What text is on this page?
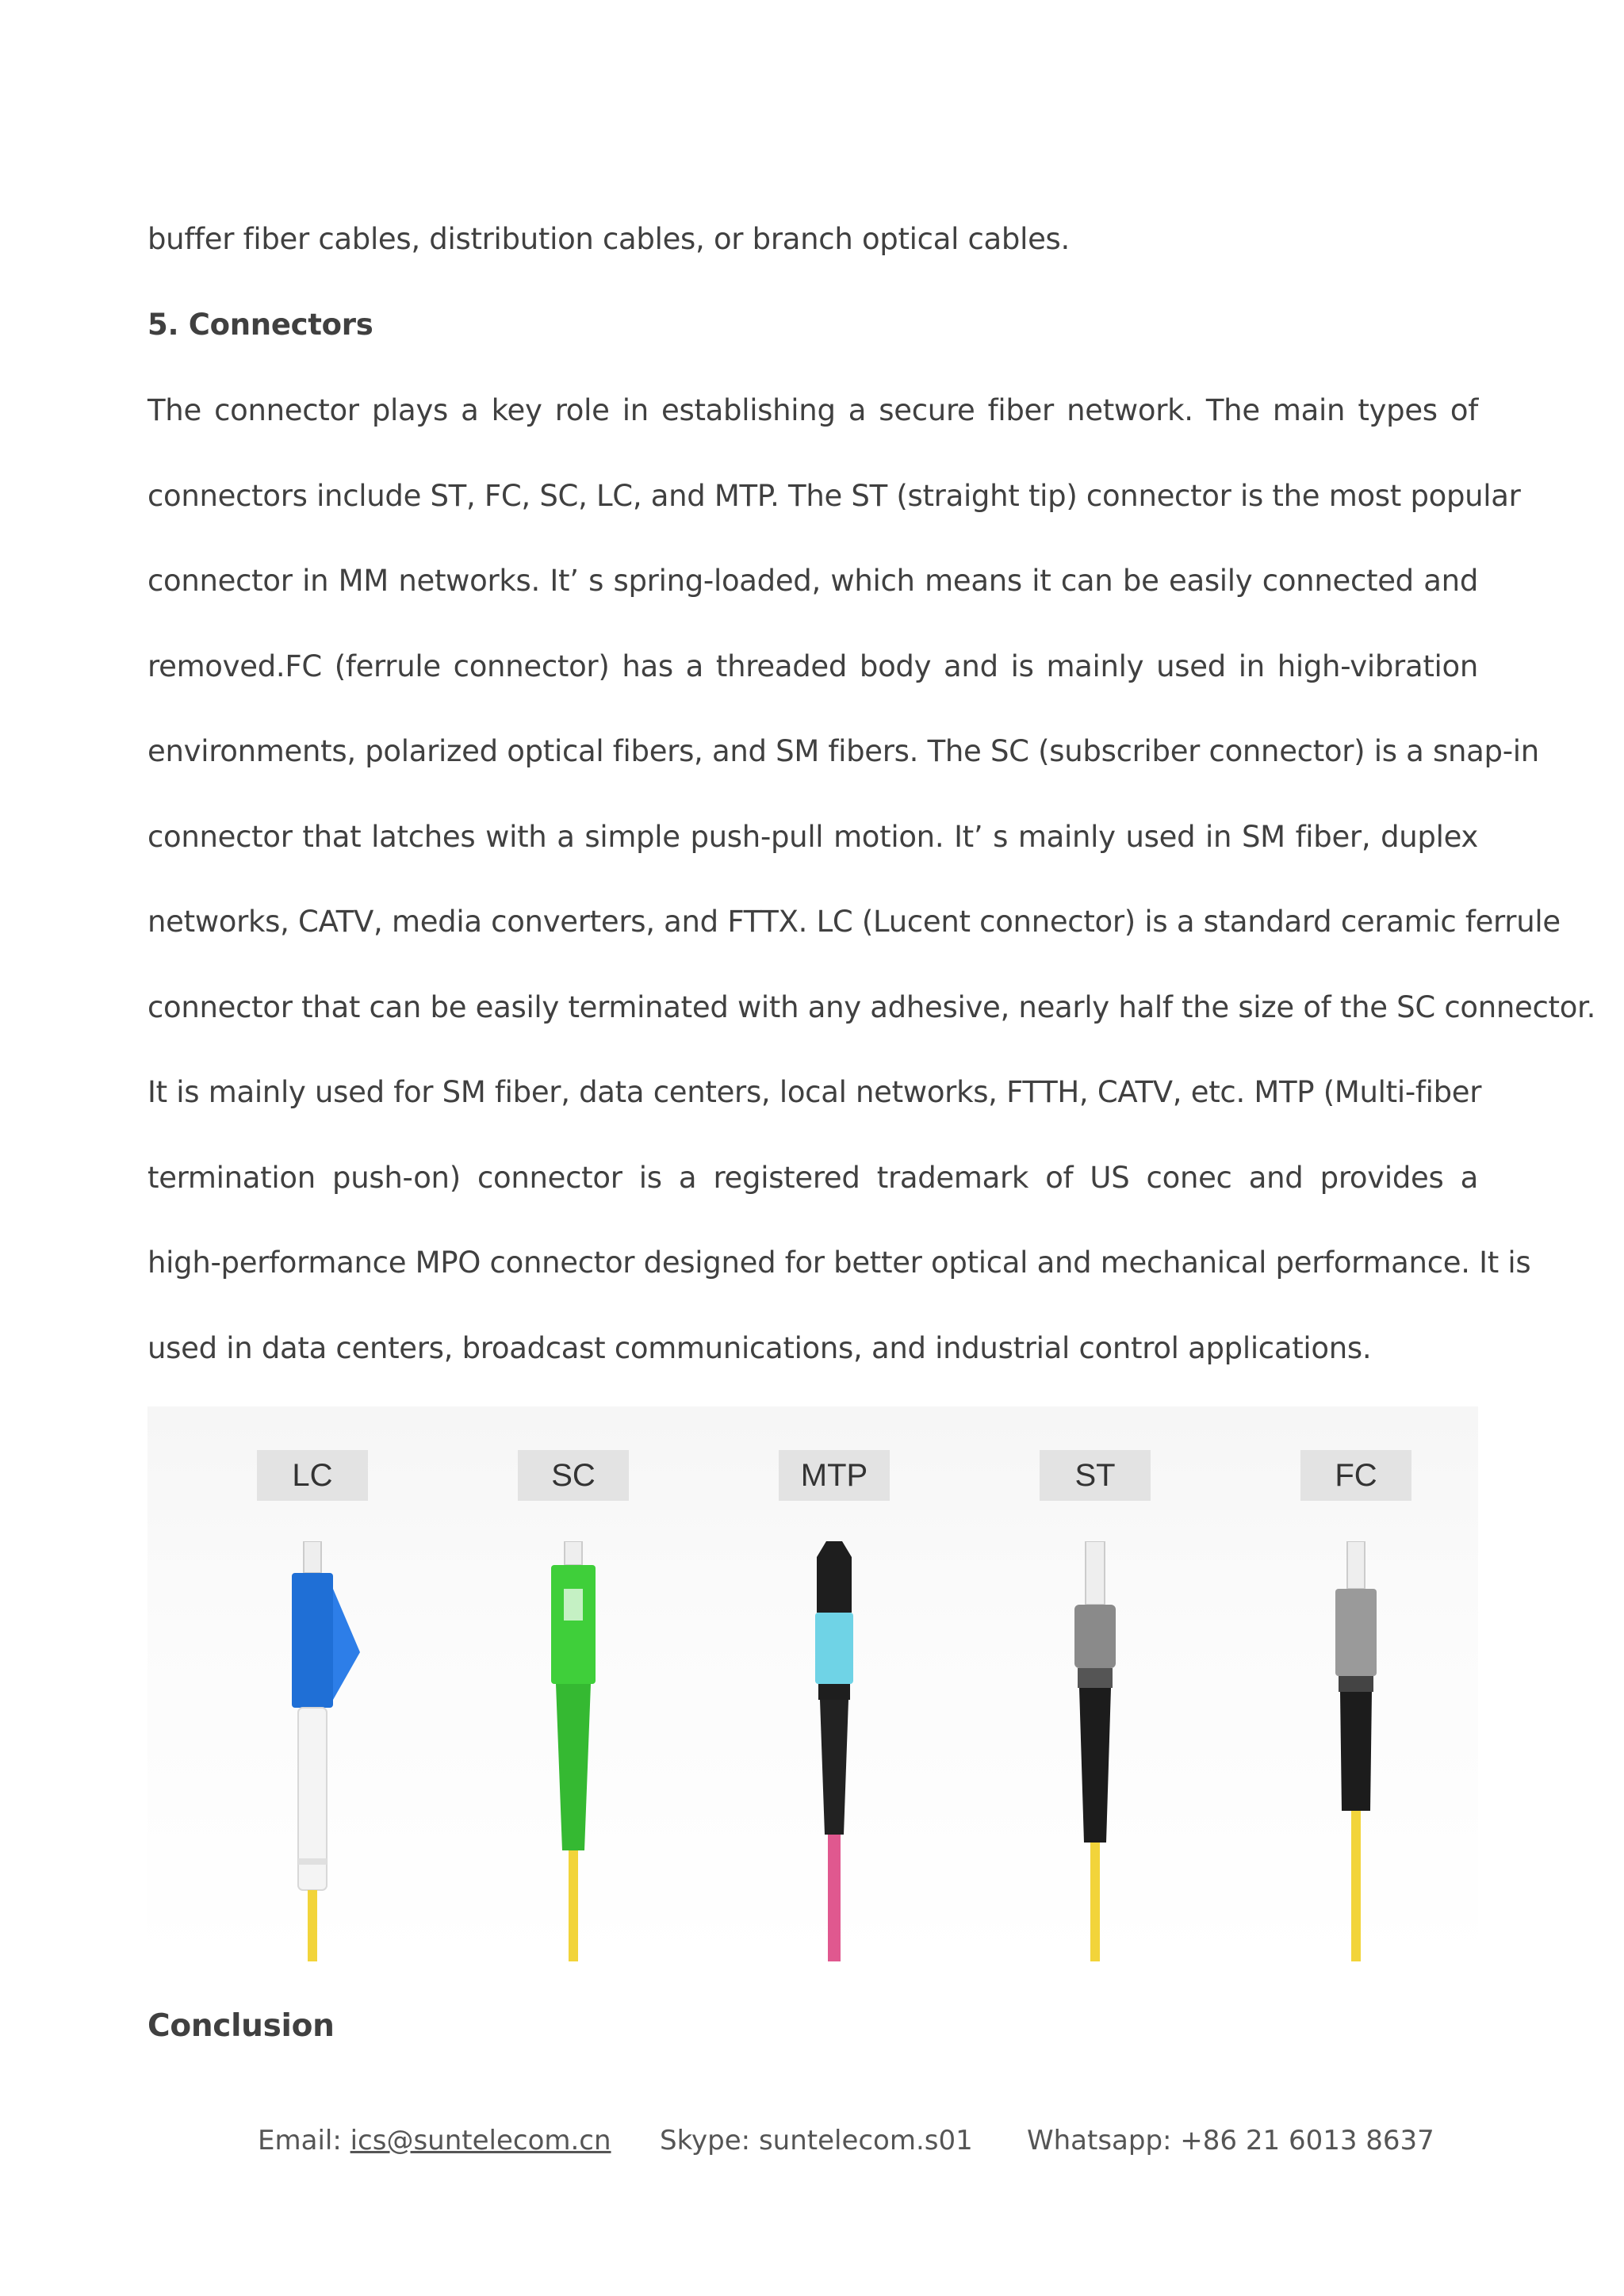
buffer fiber cables, distribution cables, or branch optical cables.
5. Connectors
The connector plays a key role in establishing a secure fiber network. The main types of
connectors include ST, FC, SC, LC, and MTP. The ST (straight tip) connector is the most popular
connector in MM networks. It’ s spring-loaded, which means it can be easily connected and
removed.FC (ferrule connector) has a threaded body and is mainly used in high-vibration
environments, polarized optical fibers, and SM fibers. The SC (subscriber connector) is a snap-in
connector that latches with a simple push-pull motion. It’ s mainly used in SM fiber, duplex
networks, CATV, media converters, and FTTX. LC (Lucent connector) is a standard ceramic ferrule
connector that can be easily terminated with any adhesive, nearly half the size of the SC connector.
It is mainly used for SM fiber, data centers, local networks, FTTH, CATV, etc. MTP (Multi-fiber
termination push-on) connector is a registered trademark of US conec and provides a
high-performance MPO connector designed for better optical and mechanical performance. It is
used in data centers, broadcast communications, and industrial control applications.
LC	SC	MTP	ST	FC
Conclusion
Email: ics@suntelecom.cn Skype: suntelecom.s01 Whatsapp: +86 21 6013 8637
